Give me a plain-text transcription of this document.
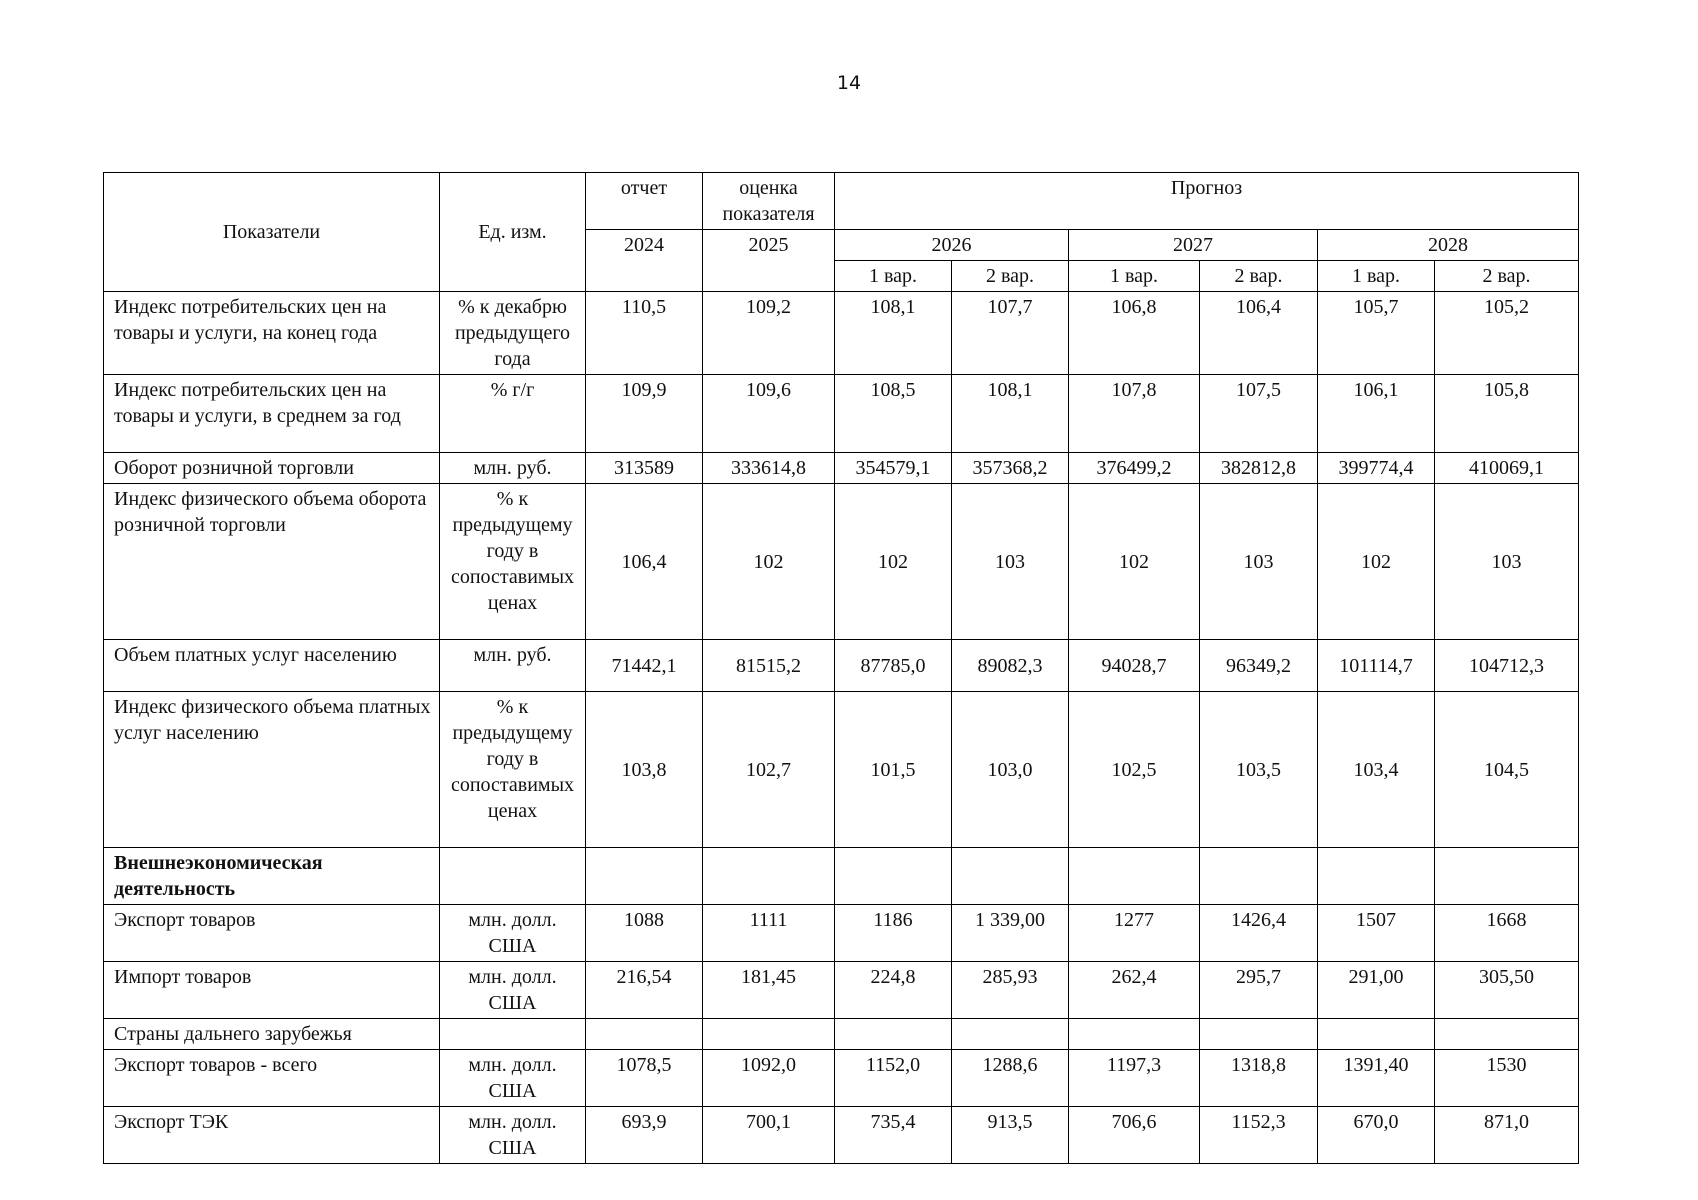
14
Показатели	Ед. изм.	отчет	оценка показателя	Прогноз					
		2024	2025	2026		2027		2028	
				1 вар.	2 вар.	1 вар.	2 вар.	1 вар.	2 вар.
Индекс потребительских цен на товары и услуги, на конец года	% к декабрю предыдущего года	110,5	109,2	108,1	107,7	106,8	106,4	105,7	105,2
Индекс потребительских цен на товары и услуги, в среднем за год	% г/г	109,9	109,6	108,5	108,1	107,8	107,5	106,1	105,8
Оборот розничной торговли	млн. руб.	313589	333614,8	354579,1	357368,2	376499,2	382812,8	399774,4	410069,1
Индекс физического объема оборота розничной торговли	% к предыдущему году в сопоставимых ценах	106,4	102	102	103	102	103	102	103
Объем платных услуг населению	млн. руб.	71442,1	81515,2	87785,0	89082,3	94028,7	96349,2	101114,7	104712,3
Индекс физического объема платных услуг населению	% к предыдущему году в сопоставимых ценах	103,8	102,7	101,5	103,0	102,5	103,5	103,4	104,5
Внешнеэкономическая деятельность									
Экспорт товаров	млн. долл. США	1088	1111	1186	1 339,00	1277	1426,4	1507	1668
Импорт товаров	млн. долл. США	216,54	181,45	224,8	285,93	262,4	295,7	291,00	305,50
Страны дальнего зарубежья									
Экспорт товаров - всего	млн. долл. США	1078,5	1092,0	1152,0	1288,6	1197,3	1318,8	1391,40	1530
Экспорт ТЭК	млн. долл. США	693,9	700,1	735,4	913,5	706,6	1152,3	670,0	871,0
